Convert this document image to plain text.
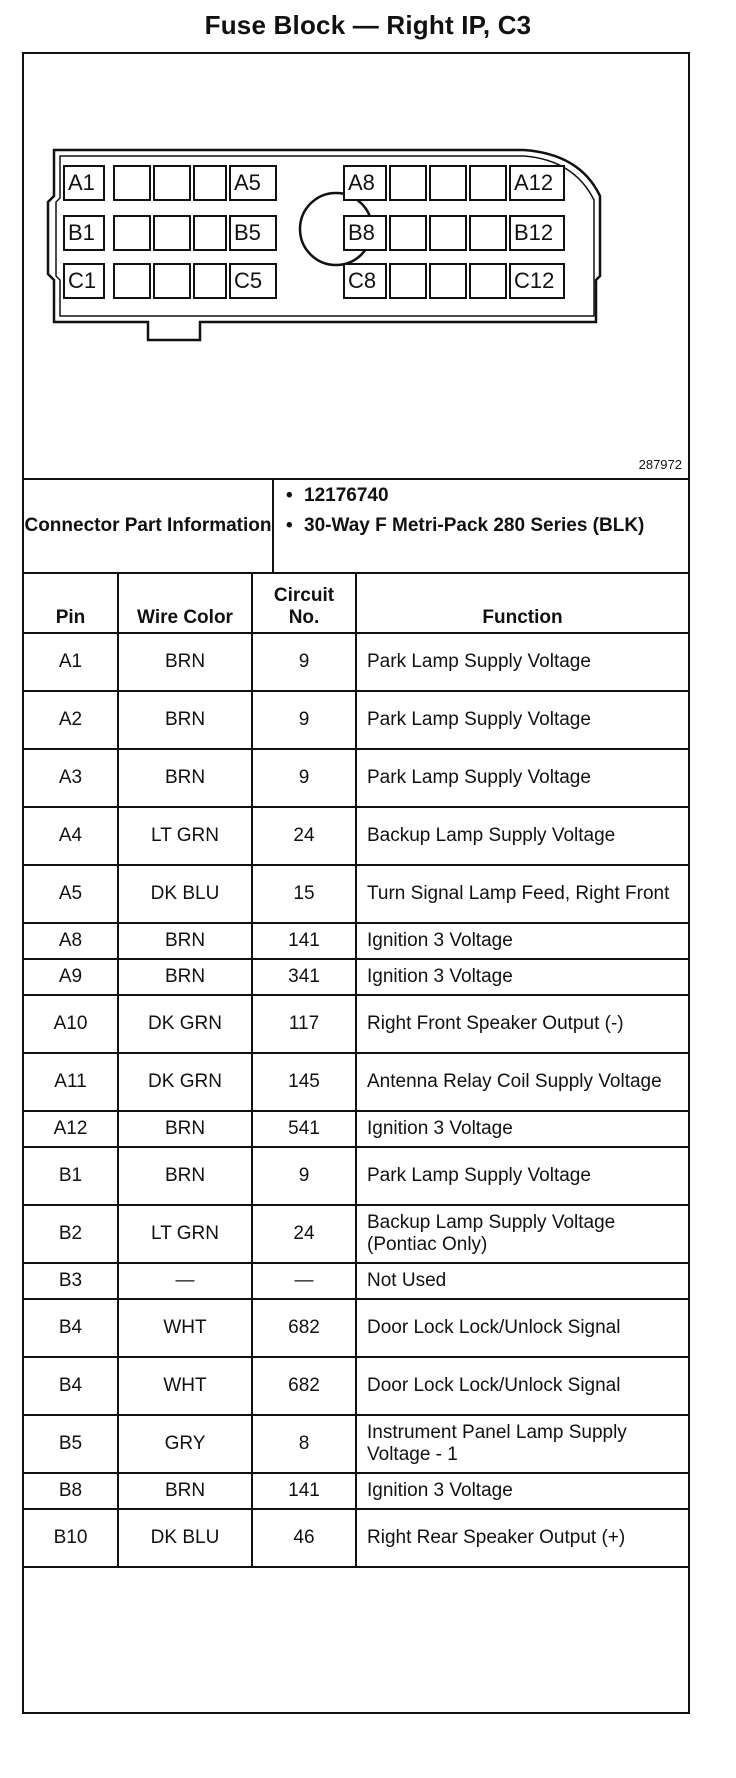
Fuse Block — Right IP, C3
A1	A5	A8	A12
B1	B5	B8	B12
C1	C5	C8	C12
287972
Connector Part Information
• 12176740
• 30-Way F Metri-Pack 280 Series (BLK)
Pin	Wire Color	Circuit No.	Function
A1	BRN	9	Park Lamp Supply Voltage
A2	BRN	9	Park Lamp Supply Voltage
A3	BRN	9	Park Lamp Supply Voltage
A4	LT GRN	24	Backup Lamp Supply Voltage
A5	DK BLU	15	Turn Signal Lamp Feed, Right Front
A8	BRN	141	Ignition 3 Voltage
A9	BRN	341	Ignition 3 Voltage
A10	DK GRN	117	Right Front Speaker Output (-)
A11	DK GRN	145	Antenna Relay Coil Supply Voltage
A12	BRN	541	Ignition 3 Voltage
B1	BRN	9	Park Lamp Supply Voltage
B2	LT GRN	24	Backup Lamp Supply Voltage (Pontiac Only)
B3	—	—	Not Used
B4	WHT	682	Door Lock Lock/Unlock Signal
B4	WHT	682	Door Lock Lock/Unlock Signal
B5	GRY	8	Instrument Panel Lamp Supply Voltage - 1
B8	BRN	141	Ignition 3 Voltage
B10	DK BLU	46	Right Rear Speaker Output (+)
